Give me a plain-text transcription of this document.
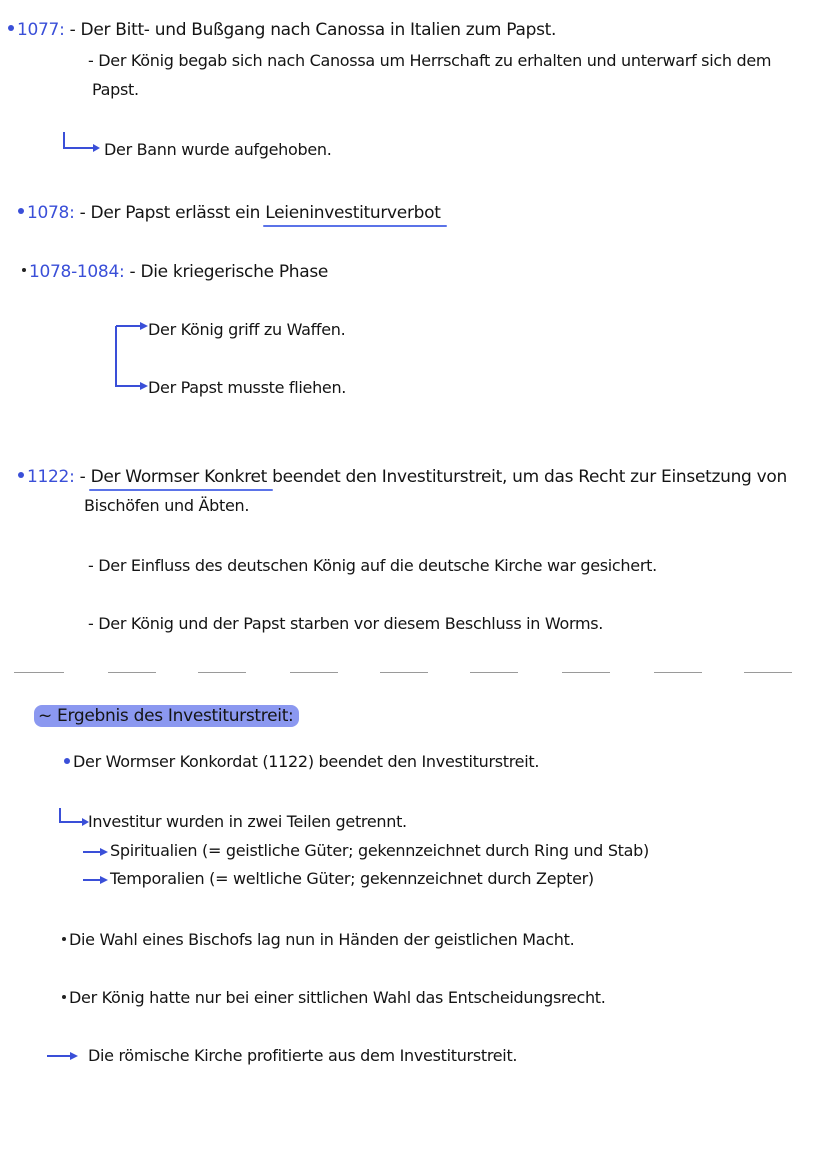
1077: - Der Bitt- und Bußgang nach Canossa in Italien zum Papst.
- Der König begab sich nach Canossa um Herrschaft zu erhalten und unterwarf sich dem
Papst.
Der Bann wurde aufgehoben.
1078: - Der Papst erlässt ein Leieninvestiturverbot
1078-1084: - Die kriegerische Phase
Der König griff zu Waffen.
Der Papst musste fliehen.
1122: - Der Wormser Konkret beendet den Investiturstreit, um das Recht zur Einsetzung von
Bischöfen und Äbten.
- Der Einfluss des deutschen König auf die deutsche Kirche war gesichert.
- Der König und der Papst starben vor diesem Beschluss in Worms.
~ Ergebnis des Investiturstreit:
Der Wormser Konkordat (1122) beendet den Investiturstreit.
Investitur wurden in zwei Teilen getrennt.
Spiritualien (= geistliche Güter; gekennzeichnet durch Ring und Stab)
Temporalien (= weltliche Güter; gekennzeichnet durch Zepter)
Die Wahl eines Bischofs lag nun in Händen der geistlichen Macht.
Der König hatte nur bei einer sittlichen Wahl das Entscheidungsrecht.
Die römische Kirche profitierte aus dem Investiturstreit.
